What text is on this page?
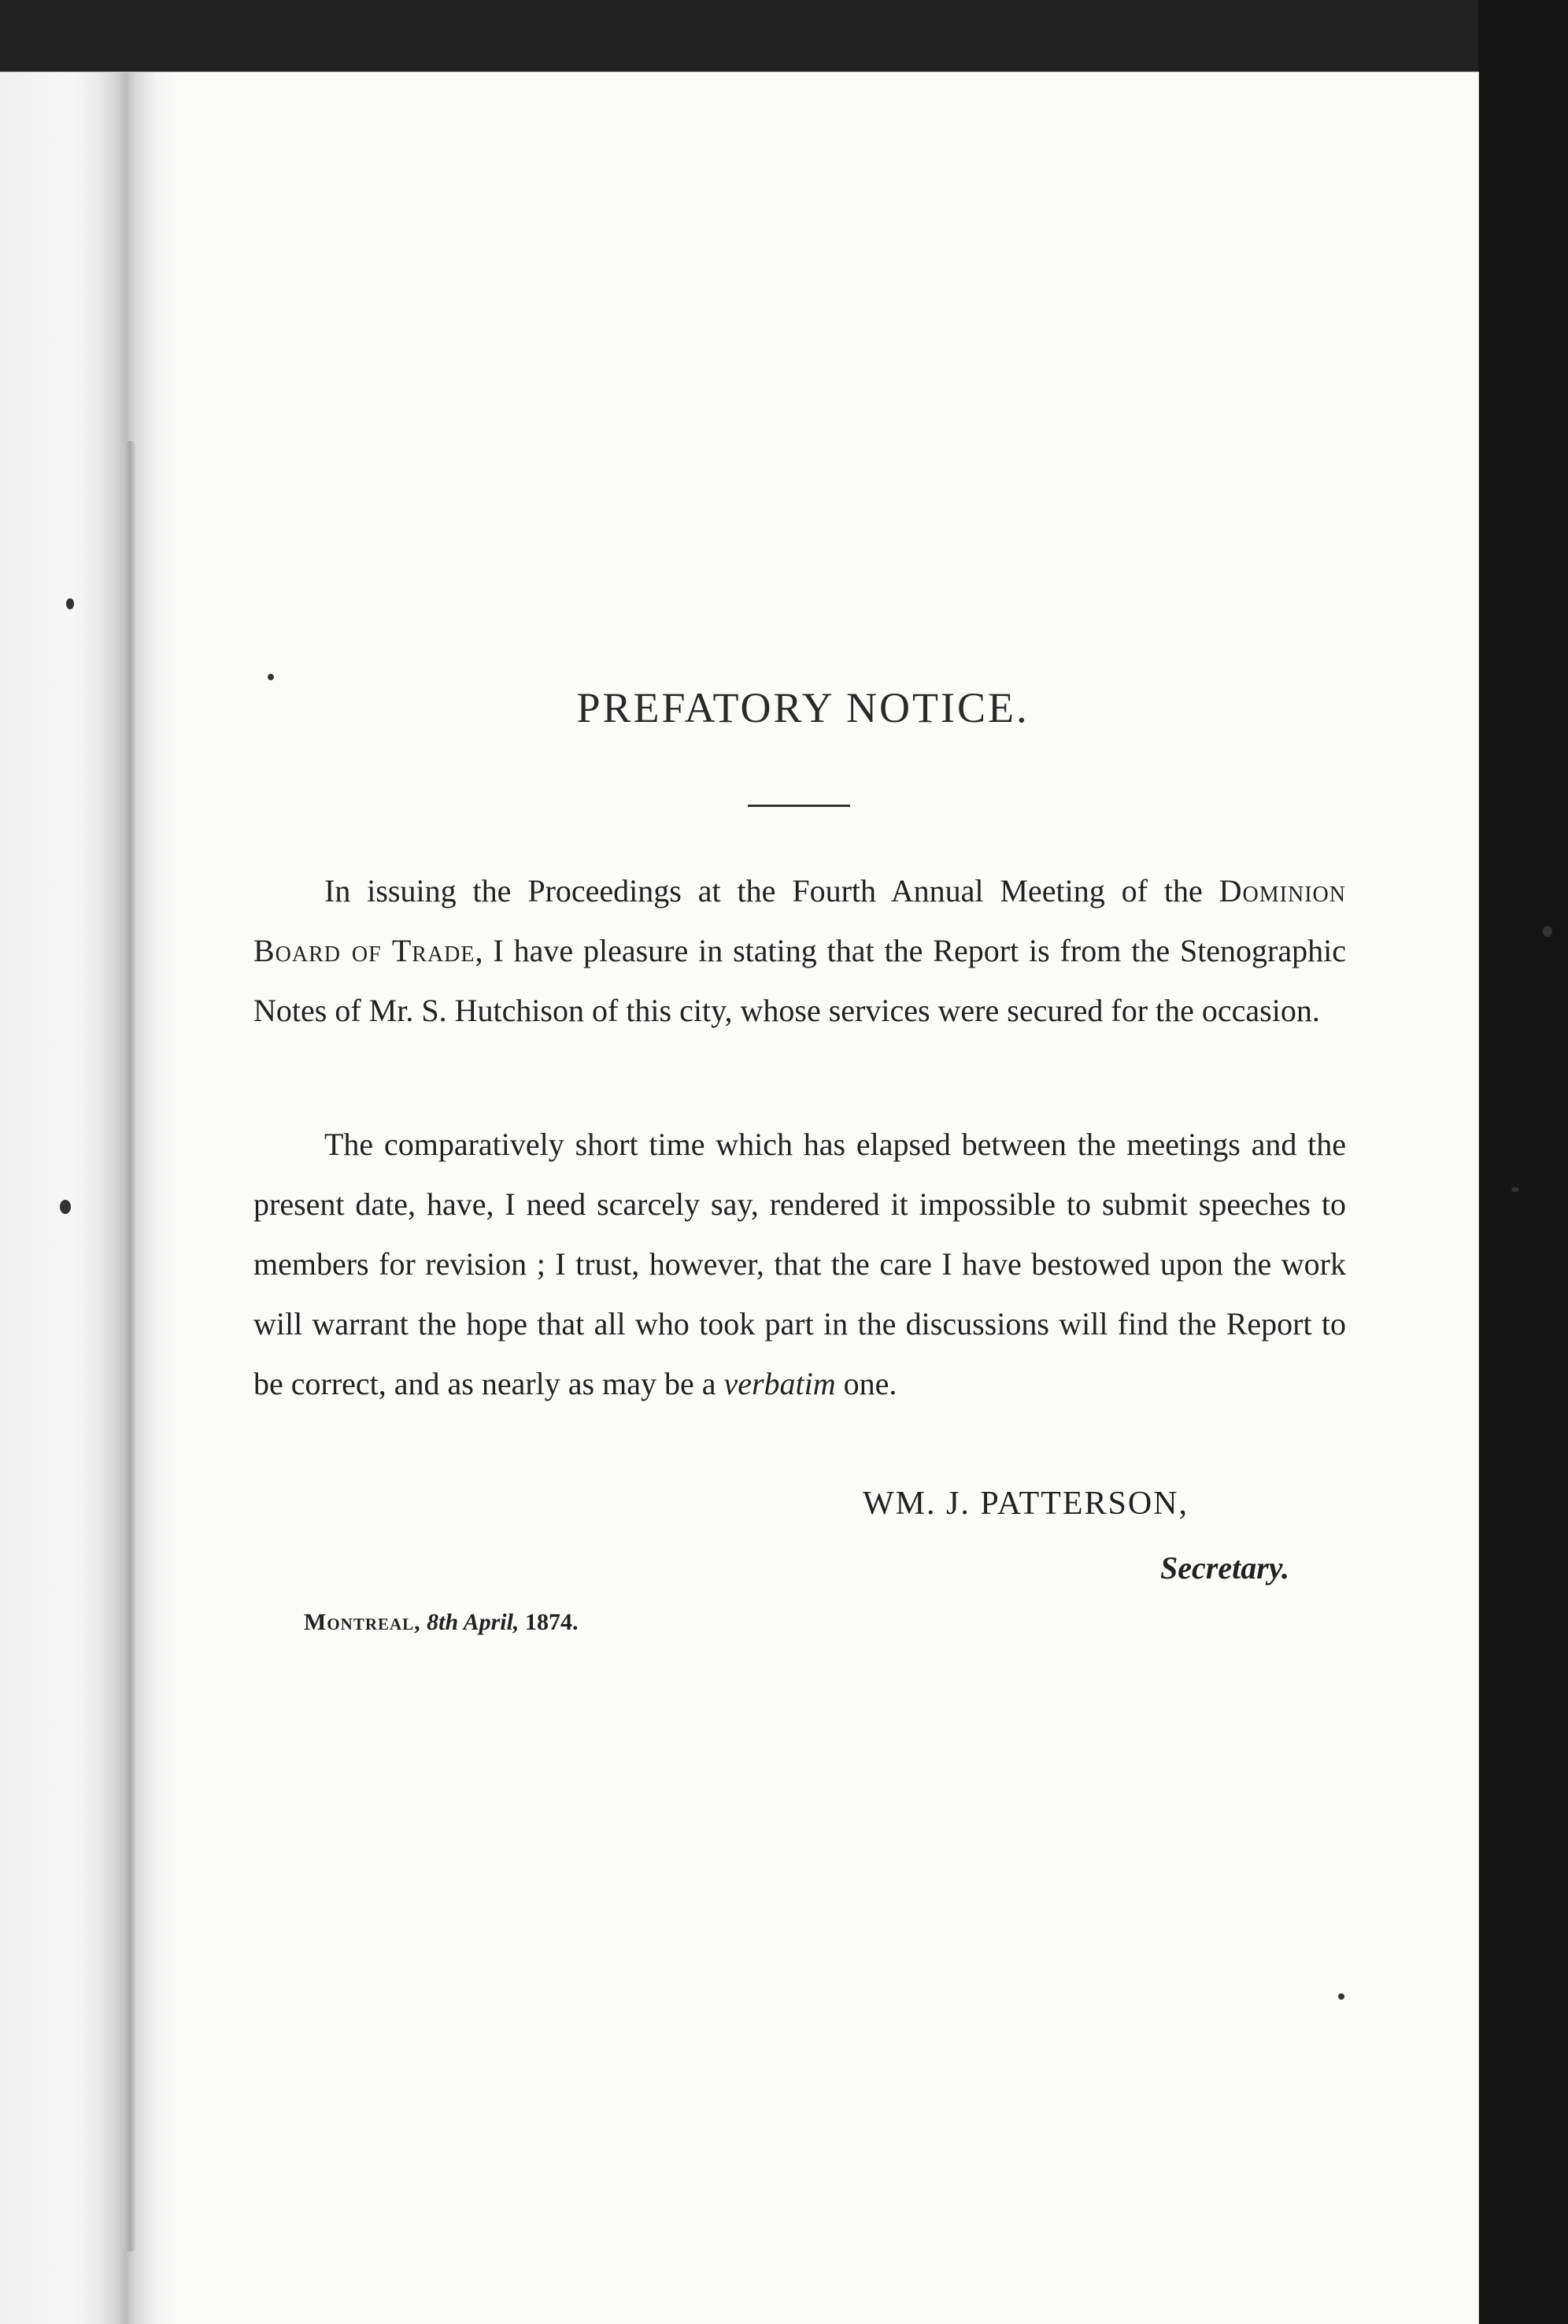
PREFATORY NOTICE.

In issuing the Proceedings at the Fourth Annual Meeting of the Dominion Board of Trade, I have pleasure in stating that the Report is from the Stenographic Notes of Mr. S. Hutchison of this city, whose services were secured for the occasion.

The comparatively short time which has elapsed between the meetings and the present date, have, I need scarcely say, rendered it impossible to submit speeches to members for revision ; I trust, however, that the care I have bestowed upon the work will warrant the hope that all who took part in the discussions will find the Report to be correct, and as nearly as may be a verbatim one.

WM. J. PATTERSON,
Secretary.
Montreal, 8th April, 1874.
